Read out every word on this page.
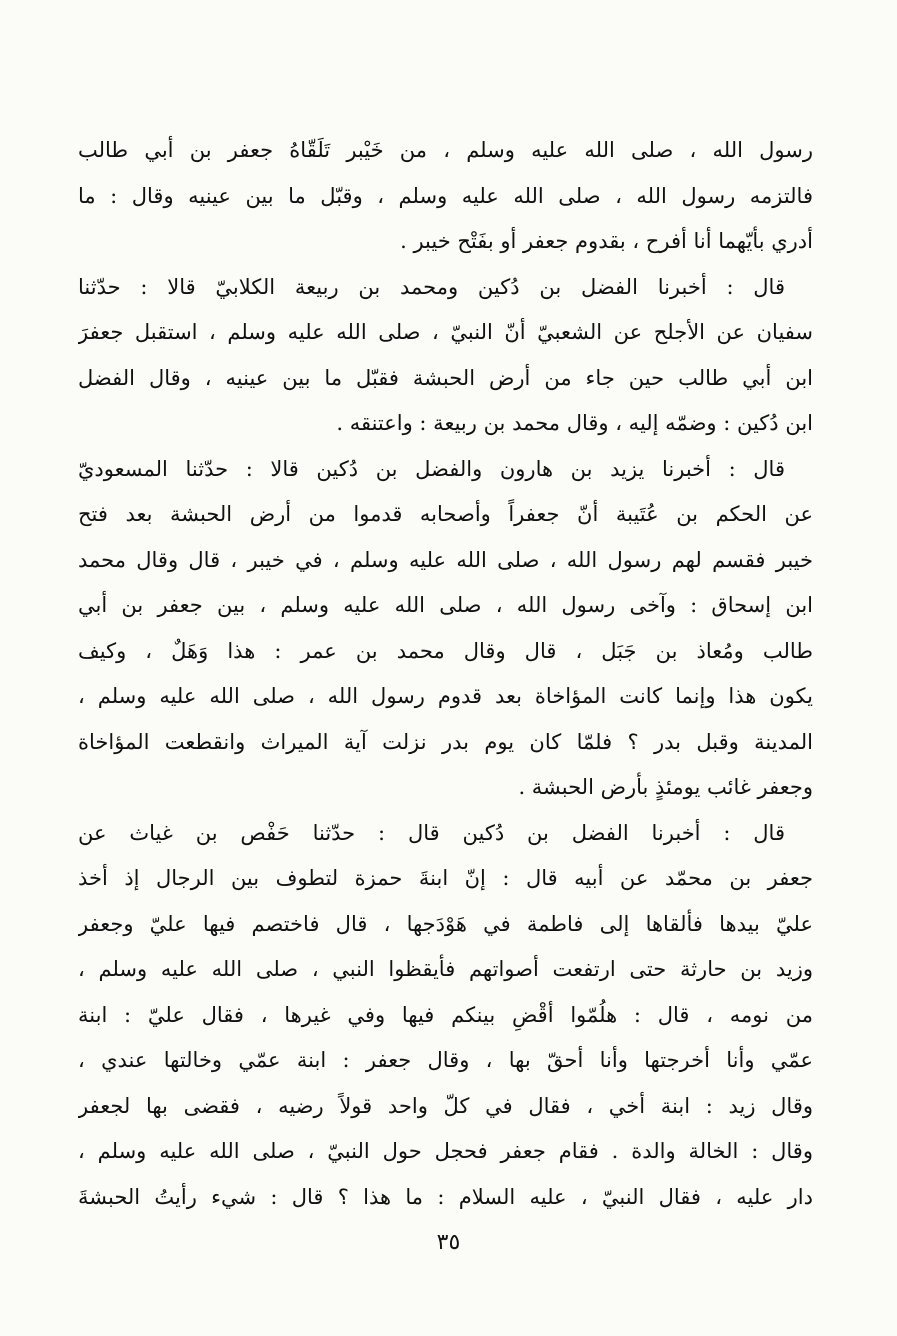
رسول الله ، صلى الله عليه وسلم ، من خَيْبر تَلَقّاهُ جعفر بن أبي طالب
فالتزمه رسول الله ، صلى الله عليه وسلم ، وقبّل ما بين عينيه وقال : ما
أدري بأيّهما أنا أفرح ، بقدوم جعفر أو بفَتْح خيبر .
قال : أخبرنا الفضل بن دُكين ومحمد بن ربيعة الكلابيّ قالا : حدّثنا
سفيان عن الأجلح عن الشعبيّ أنّ النبيّ ، صلى الله عليه وسلم ، استقبل جعفرَ
ابن أبي طالب حين جاء من أرض الحبشة فقبّل ما بين عينيه ، وقال الفضل
ابن دُكين : وضمّه إليه ، وقال محمد بن ربيعة : واعتنقه .
قال : أخبرنا يزيد بن هارون والفضل بن دُكين قالا : حدّثنا المسعوديّ
عن الحكم بن عُتَيبة أنّ جعفراً وأصحابه قدموا من أرض الحبشة بعد فتح
خيبر فقسم لهم رسول الله ، صلى الله عليه وسلم ، في خيبر ، قال وقال محمد
ابن إسحاق : وآخى رسول الله ، صلى الله عليه وسلم ، بين جعفر بن أبي
طالب ومُعاذ بن جَبَل ، قال وقال محمد بن عمر : هذا وَهَلٌ ، وكيف
يكون هذا وإنما كانت المؤاخاة بعد قدوم رسول الله ، صلى الله عليه وسلم ،
المدينة وقبل بدر ؟ فلمّا كان يوم بدر نزلت آية الميراث وانقطعت المؤاخاة
وجعفر غائب يومئذٍ بأرض الحبشة .
قال : أخبرنا الفضل بن دُكين قال : حدّثنا حَفْص بن غياث عن
جعفر بن محمّد عن أبيه قال : إنّ ابنةَ حمزة لتطوف بين الرجال إذ أخذ
عليّ بيدها فألقاها إلى فاطمة في هَوْدَجها ، قال فاختصم فيها عليّ وجعفر
وزيد بن حارثة حتى ارتفعت أصواتهم فأيقظوا النبي ، صلى الله عليه وسلم ،
من نومه ، قال : هلُمّوا أقْضِ بينكم فيها وفي غيرها ، فقال عليّ : ابنة
عمّي وأنا أخرجتها وأنا أحقّ بها ، وقال جعفر : ابنة عمّي وخالتها عندي ،
وقال زيد : ابنة أخي ، فقال في كلّ واحد قولاً رضيه ، فقضى بها لجعفر
وقال : الخالة والدة . فقام جعفر فحجل حول النبيّ ، صلى الله عليه وسلم ،
دار عليه ، فقال النبيّ ، عليه السلام : ما هذا ؟ قال : شيء رأيتُ الحبشةَ
٣٥
